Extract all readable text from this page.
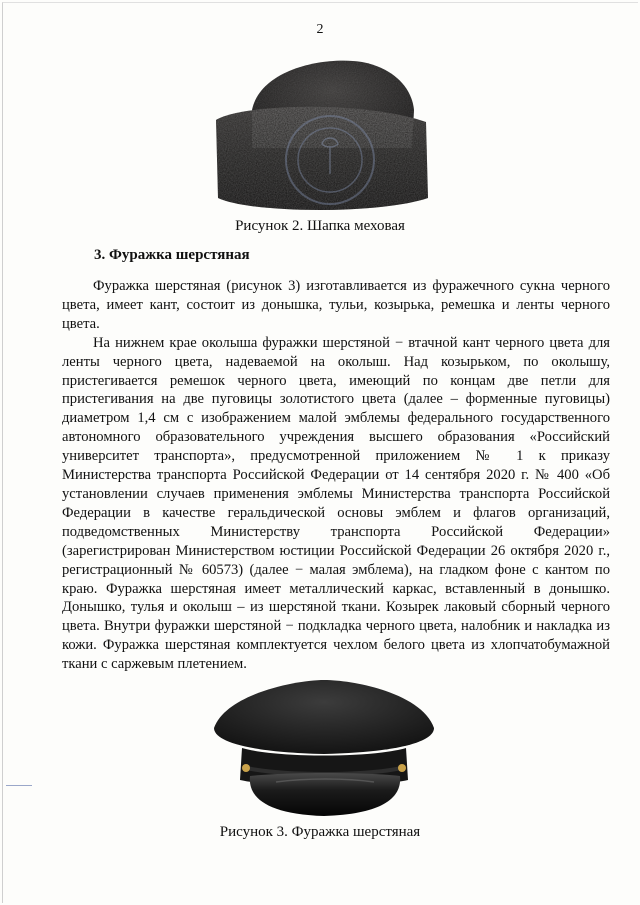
2
Рисунок 2. Шапка меховая
3. Фуражка шерстяная

Фуражка шерстяная (рисунок 3) изготавливается из фуражечного сукна черного цвета, имеет кант, состоит из донышка, тульи, козырька, ремешка и ленты черного цвета.

На нижнем крае околыша фуражки шерстяной − втачной кант черного цвета для ленты черного цвета, надеваемой на околыш. Над козырьком, по околышу, пристегивается ремешок черного цвета, имеющий по концам две петли для пристегивания на две пуговицы золотистого цвета (далее – форменные пуговицы) диаметром 1,4 см с изображением малой эмблемы федерального государственного автономного образовательного учреждения высшего образования «Российский университет транспорта», предусмотренной приложением № 1 к приказу Министерства транспорта Российской Федерации от 14 сентября 2020 г. № 400 «Об установлении случаев применения эмблемы Министерства транспорта Российской Федерации в качестве геральдической основы эмблем и флагов организаций, подведомственных Министерству транспорта Российской Федерации» (зарегистрирован Министерством юстиции Российской Федерации 26 октября 2020 г., регистрационный № 60573) (далее − малая эмблема), на гладком фоне с кантом по краю. Фуражка шерстяная имеет металлический каркас, вставленный в донышко. Донышко, тулья и околыш – из шерстяной ткани. Козырек лаковый сборный черного цвета. Внутри фуражки шерстяной − подкладка черного цвета, налобник и накладка из кожи. Фуражка шерстяная комплектуется чехлом белого цвета из хлопчатобумажной ткани с саржевым плетением.

Рисунок 3. Фуражка шерстяная
